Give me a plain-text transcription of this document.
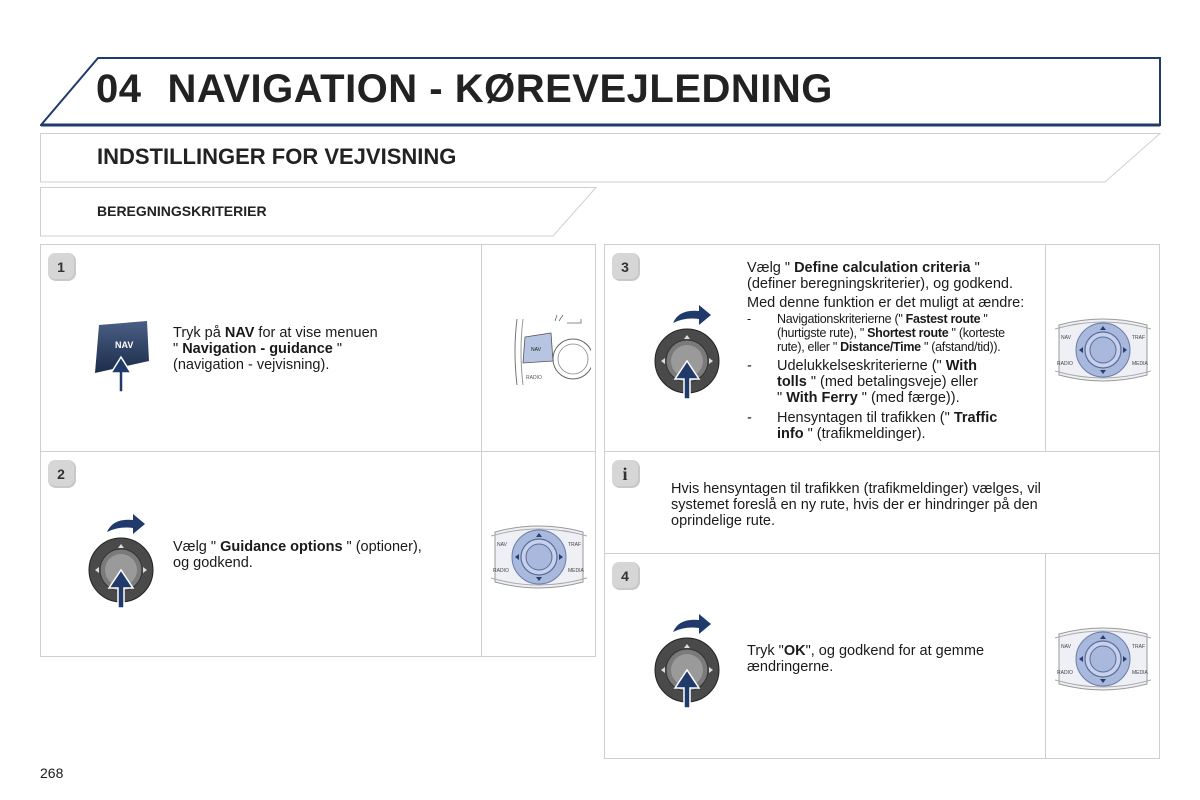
04 NAVIGATION - KØREVEJLEDNING
INDSTILLINGER FOR VEJVISNING
BEREGNINGSKRITERIER
1
NAV
Tryk på NAV for at vise menuen
" Navigation - guidance "
(navigation - vejvisning).
NAV
RADIO
2
Vælg " Guidance options " (optioner),
og godkend.
NAV	TRAF
RADIO	MEDIA
3	Vælg " Define calculation criteria "
(definer beregningskriterier), og godkend.
Med denne funktion er det muligt at ændre:
- Navigationskriterierne (" Fastest route "
(hurtigste rute), " Shortest route " (korteste
rute), eller " Distance/Time " (afstand/tid)).
- Udelukkelseskriterierne (" With
tolls " (med betalingsveje) eller
" With Ferry " (med færge)).
- Hensyntagen til trafikken (" Traffic
info " (trafikmeldinger).
NAV	TRAF
RADIO	MEDIA
i
Hvis hensyntagen til trafikken (trafikmeldinger) vælges, vil
systemet foreslå en ny rute, hvis der er hindringer på den
oprindelige rute.
4
Tryk "OK", og godkend for at gemme
ændringerne.
NAV	TRAF
RADIO	MEDIA
268
